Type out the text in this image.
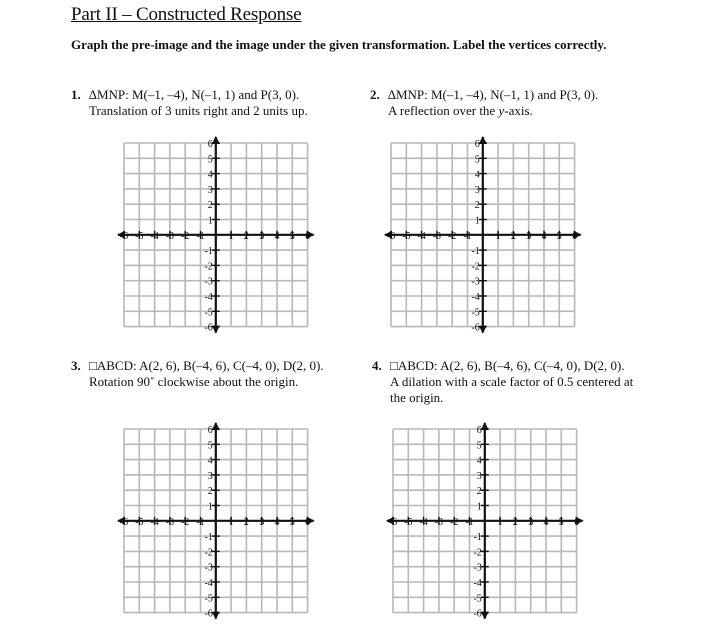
Part II – Constructed Response
Graph the pre-image and the image under the given transformation. Label the vertices correctly.
1. ∆MNP: M(–1, –4), N(–1, 1) and P(3, 0).
Translation of 3 units right and 2 units up.
2. ∆MNP: M(–1, –4), N(–1, 1) and P(3, 0).
A reflection over the y-axis.
3. □ABCD: A(2, 6), B(–4, 6), C(–4, 0), D(2, 0).
Rotation 90˚ clockwise about the origin.
4. □ABCD: A(2, 6), B(–4, 6), C(–4, 0), D(2, 0).
A dilation with a scale factor of 0.5 centered at the origin.
-6 -5 -4 -3 -2 -1 1 2 3 4 5 6
6
5
4
3
2
1
-1
-2
-3
-4
-5
-6
-6 -5 -4 -3 -2 -1 1 2 3 4 5 6
6
5
4
3
2
1
-1
-2
-3
-4
-5
-6
-6 -5 -4 -3 -2 -1 1 2 3 4 5 6
6
5
4
3
2
1
-1
-2
-3
-4
-5
-6
-6 -5 -4 -3 -2 -1 1 2 3 4 5 6
6
5
4
3
2
1
-1
-2
-3
-4
-5
-6
